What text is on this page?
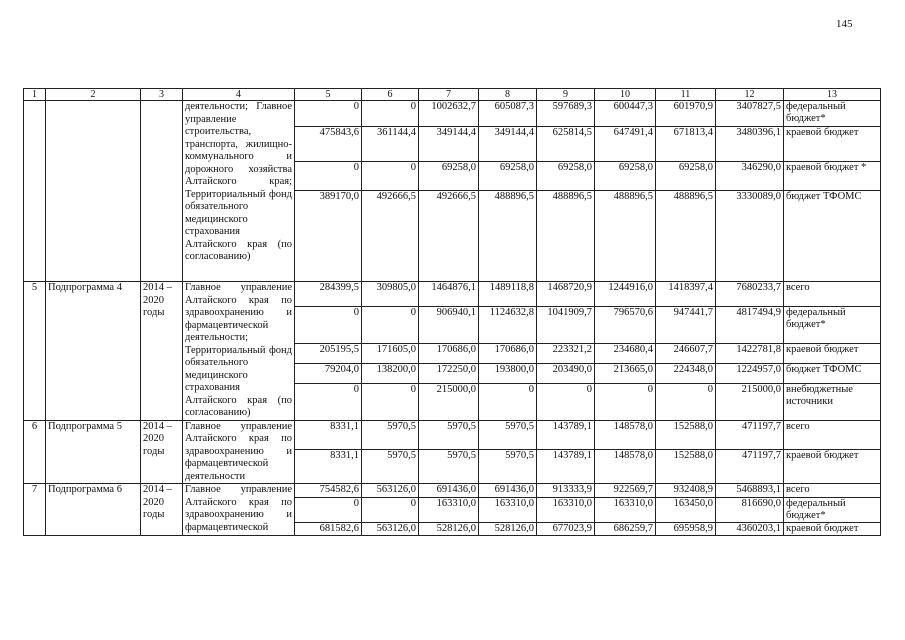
145
1	2	3	4	5	6	7	8	9	10	11	12	13
			деятельности; Главное управление строительства, транспорта, жилищно-коммунального и дорожного хозяйства Алтайского края; Территориальный фонд обязательного медицинского страхования Алтайского края (по согласованию)	0	0	1002632,7	605087,3	597689,3	600447,3	601970,9	3407827,5	федеральный бюджет*
				475843,6	361144,4	349144,4	349144,4	625814,5	647491,4	671813,4	3480396,1	краевой бюджет
				0	0	69258,0	69258,0	69258,0	69258,0	69258,0	346290,0	краевой бюджет *
				389170,0	492666,5	492666,5	488896,5	488896,5	488896,5	488896,5	3330089,0	бюджет ТФОМС
5	Подпрограмма 4	2014 – 2020 годы	Главное управление Алтайского края по здравоохранению и фармацевтической деятельности; Территориальный фонд обязательного медицинского страхования Алтайского края (по согласованию)	284399,5	309805,0	1464876,1	1489118,8	1468720,9	1244916,0	1418397,4	7680233,7	всего
				0	0	906940,1	1124632,8	1041909,7	796570,6	947441,7	4817494,9	федеральный бюджет*
				205195,5	171605,0	170686,0	170686,0	223321,2	234680,4	246607,7	1422781,8	краевой бюджет
				79204,0	138200,0	172250,0	193800,0	203490,0	213665,0	224348,0	1224957,0	бюджет ТФОМС
				0	0	215000,0	0	0	0	0	215000,0	внебюджетные источники
6	Подпрограмма 5	2014 – 2020 годы	Главное управление Алтайского края по здравоохранению и фармацевтической деятельности	8331,1	5970,5	5970,5	5970,5	143789,1	148578,0	152588,0	471197,7	всего
				8331,1	5970,5	5970,5	5970,5	143789,1	148578,0	152588,0	471197,7	краевой бюджет
7	Подпрограмма 6	2014 – 2020 годы	Главное управление Алтайского края по здравоохранению и фармацевтической	754582,6	563126,0	691436,0	691436,0	913333,9	922569,7	932408,9	5468893,1	всего
				0	0	163310,0	163310,0	163310,0	163310,0	163450,0	816690,0	федеральный бюджет*
				681582,6	563126,0	528126,0	528126,0	677023,9	686259,7	695958,9	4360203,1	краевой бюджет
